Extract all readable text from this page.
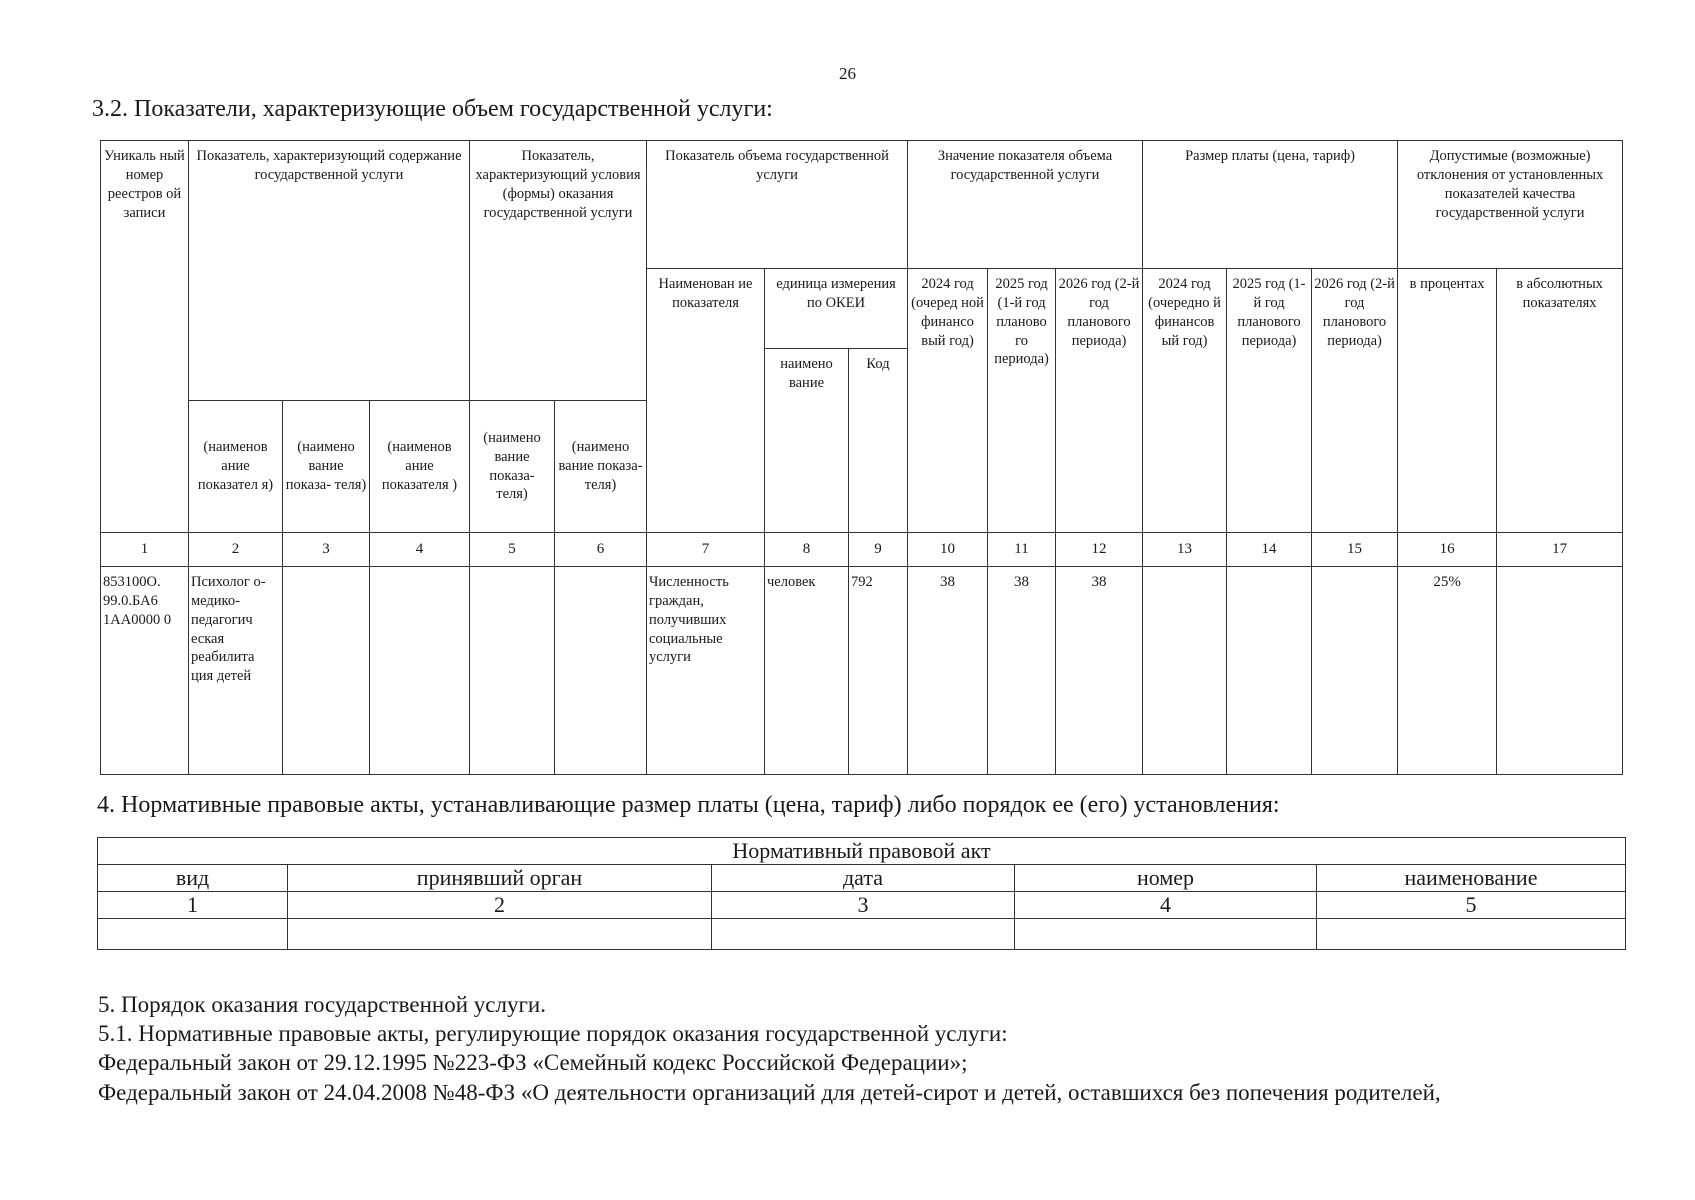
26
3.2. Показатели, характеризующие объем государственной услуги:
Уникаль ный номер реестров ой записи	Показатель, характеризующий содержание государственной услуги			Показатель, характеризующий условия (формы) оказания государственной услуги		Показатель объема государственной услуги			Значение показателя объема государственной услуги			Размер платы (цена, тариф)			Допустимые (возможные) отклонения от установленных показателей качества государственной услуги	
						Наименован ие показателя	единица измерения по ОКЕИ		2024 год (очеред ной финансо вый год)	2025 год (1-й год планово го периода)	2026 год (2-й год планового периода)	2024 год (очередно й финансов ый год)	2025 год (1-й год планового периода)	2026 год (2-й год планового периода)	в процентах	в абсолютных показателях
							наимено вание	Код								
	(наименов ание показател я)	(наимено вание показа- теля)	(наименов ание показателя )	(наимено вание показа- теля)	(наимено вание показа- теля)											
1	2	3	4	5	6	7	8	9	10	11	12	13	14	15	16	17
853100О. 99.0.БА6 1АА0000 0	Психолог о-медико- педагогич еская реабилита ция детей					Численность граждан, получивших социальные услуги	человек	792	38	38	38				25%	
4. Нормативные правовые акты, устанавливающие размер платы (цена, тариф) либо порядок ее (его) установления:
Нормативный правовой акт				
вид	принявший орган	дата	номер	наименование
1	2	3	4	5

5. Порядок оказания государственной услуги.
5.1. Нормативные правовые акты, регулирующие порядок оказания государственной услуги:
Федеральный закон от 29.12.1995 №223-ФЗ «Семейный кодекс Российской Федерации»;
Федеральный закон от 24.04.2008 №48-ФЗ «О деятельности организаций для детей-сирот и детей, оставшихся без попечения родителей,
